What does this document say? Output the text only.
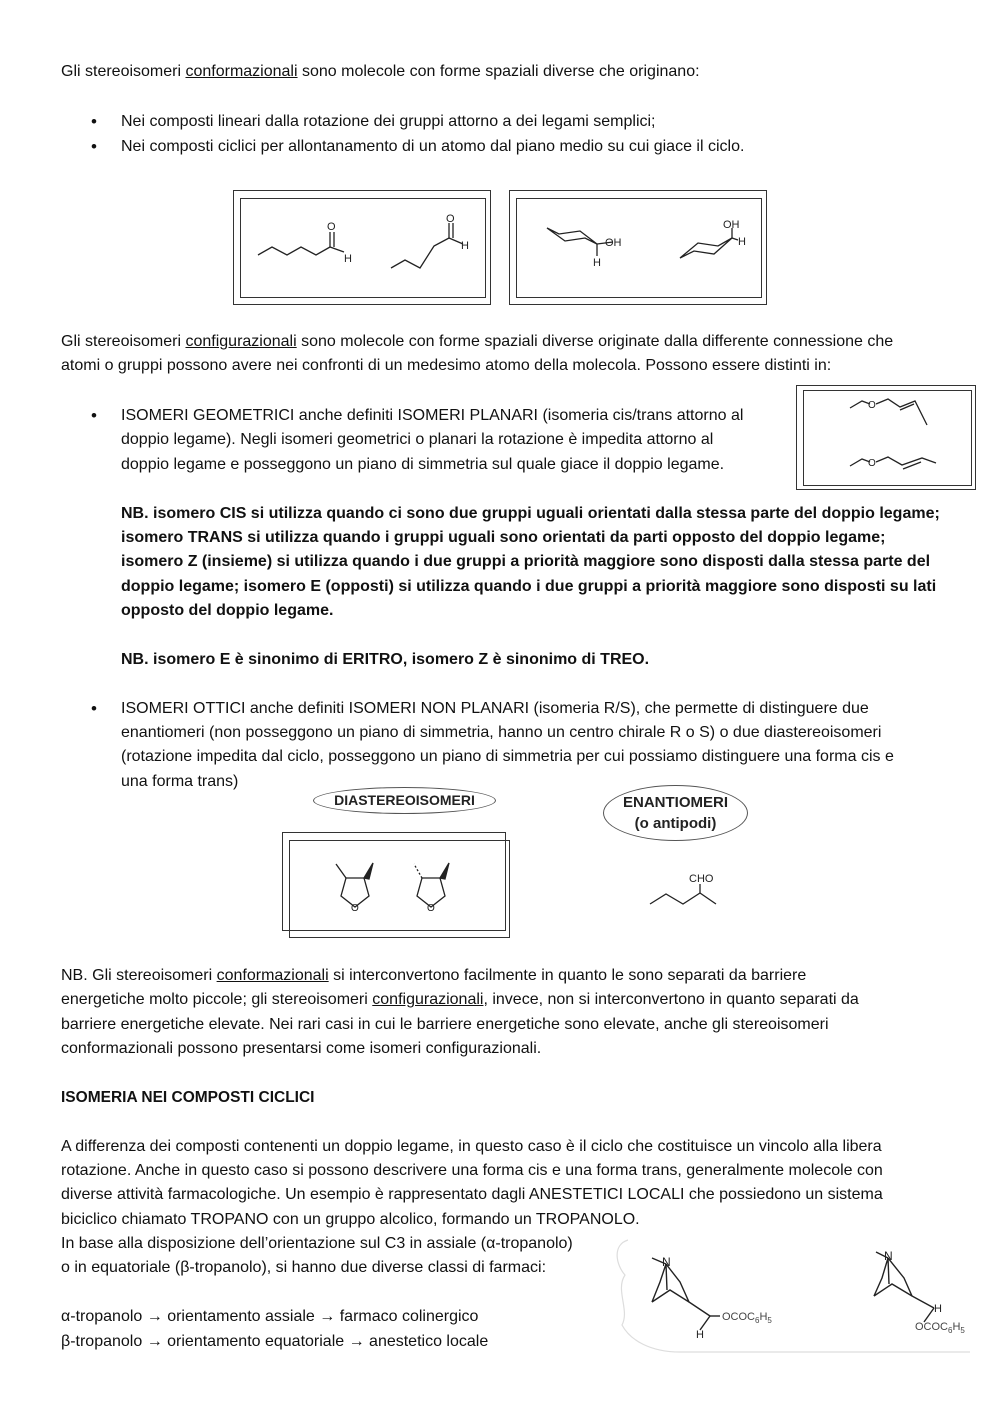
Gli stereoisomeri conformazionali sono molecole con forme spaziali diverse che originano:
• Nei composti lineari dalla rotazione dei gruppi attorno a dei legami semplici;
• Nei composti ciclici per allontanamento di un atomo dal piano medio su cui giace il ciclo.
O
H
O
H	OH
H
OH
H
Gli stereoisomeri configurazionali sono molecole con forme spaziali diverse originate dalla differente connessione che
atomi o gruppi possono avere nei confronti di un medesimo atomo della molecola. Possono essere distinti in:
• ISOMERI GEOMETRICI anche definiti ISOMERI PLANARI (isomeria cis/trans attorno al
doppio legame). Negli isomeri geometrici o planari la rotazione è impedita attorno al
doppio legame e posseggono un piano di simmetria sul quale giace il doppio legame.
O
O
NB. isomero CIS si utilizza quando ci sono due gruppi uguali orientati dalla stessa parte del doppio legame;
isomero TRANS si utilizza quando i gruppi uguali sono orientati da parti opposto del doppio legame;
isomero Z (insieme) si utilizza quando i due gruppi a priorità maggiore sono disposti dalla stessa parte del
doppio legame; isomero E (opposti) si utilizza quando i due gruppi a priorità maggiore sono disposti su lati
opposto del doppio legame.
NB. isomero E è sinonimo di ERITRO, isomero Z è sinonimo di TREO.
• ISOMERI OTTICI anche definiti ISOMERI NON PLANARI (isomeria R/S), che permette di distinguere due
enantiomeri (non posseggono un piano di simmetria, hanno un centro chirale R o S) o due diastereoisomeri
(rotazione impedita dal ciclo, posseggono un piano di simmetria per cui possiamo distinguere una forma cis e
una forma trans)
DIASTEREOISOMERI	ENANTIOMERI
(o antipodi)
O	O
CHO
NB. Gli stereoisomeri conformazionali si interconvertono facilmente in quanto le sono separati da barriere
energetiche molto piccole; gli stereoisomeri configurazionali, invece, non si interconvertono in quanto separati da
barriere energetiche elevate. Nei rari casi in cui le barriere energetiche sono elevate, anche gli stereoisomeri
conformazionali possono presentarsi come isomeri configurazionali.
ISOMERIA NEI COMPOSTI CICLICI
A differenza dei composti contenenti un doppio legame, in questo caso è il ciclo che costituisce un vincolo alla libera
rotazione. Anche in questo caso si possono descrivere una forma cis e una forma trans, generalmente molecole con
diverse attività farmacologiche. Un esempio è rappresentato dagli ANESTETICI LOCALI che possiedono un sistema
biciclico chiamato TROPANO con un gruppo alcolico, formando un TROPANOLO.
In base alla disposizione dell’orientazione sul C3 in assiale (α-tropanolo)
o in equatoriale (β-tropanolo), si hanno due diverse classi di farmaci:
α-tropanolo → orientamento assiale → farmaco colinergico
β-tropanolo → orientamento equatoriale → anestetico locale
N
H
$OCOC_6H_5$
N
H
$OCOC_6H_5$
